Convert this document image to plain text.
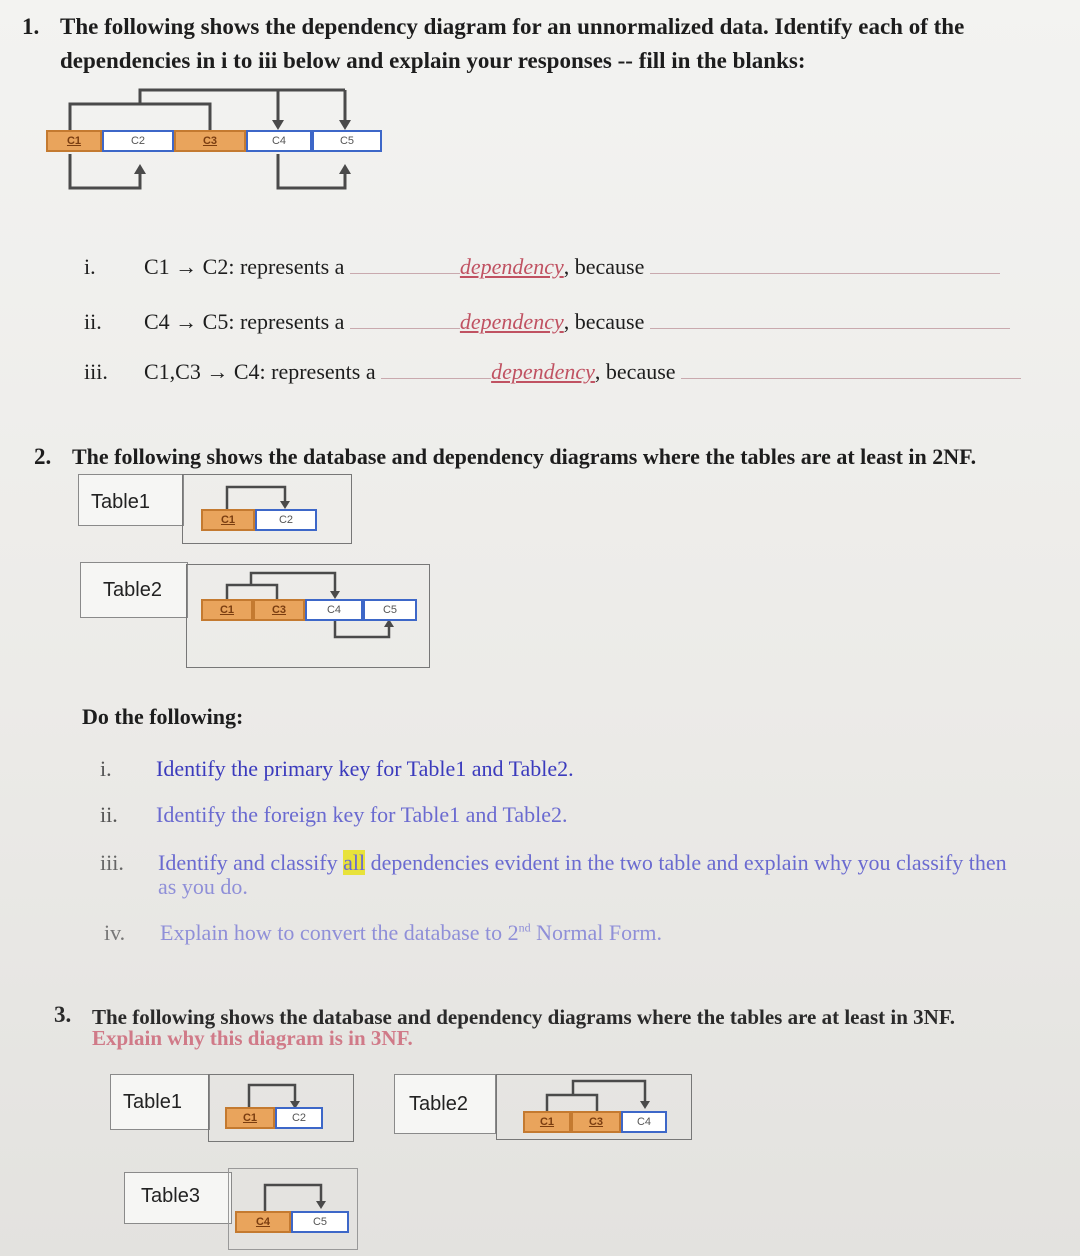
1. The following shows the dependency diagram for an unnormalized data. Identify each of the
dependencies in i to iii below and explain your responses -- fill in the blanks:
C1	C2	C3	C4	C5
i. C1 → C2: represents a	dependency, because
ii. C4 → C5: represents a	dependency, because
iii. C1,C3 → C4: represents a	dependency, because
2. The following shows the database and dependency diagrams where the tables are at least in 2NF.
Table1
C1	C2
Table2
C1	C3	C4	C5
Do the following:
i. Identify the primary key for Table1 and Table2.
ii. Identify the foreign key for Table1 and Table2.
iii. Identify and classify all dependencies evident in the two table and explain why you classify then
as you do.
iv. Explain how to convert the database to 2nd Normal Form.
3. The following shows the database and dependency diagrams where the tables are at least in 3NF.
Explain why this diagram is in 3NF.
Table1
C1	C2
Table2
C1	C3	C4
Table3
C4	C5
